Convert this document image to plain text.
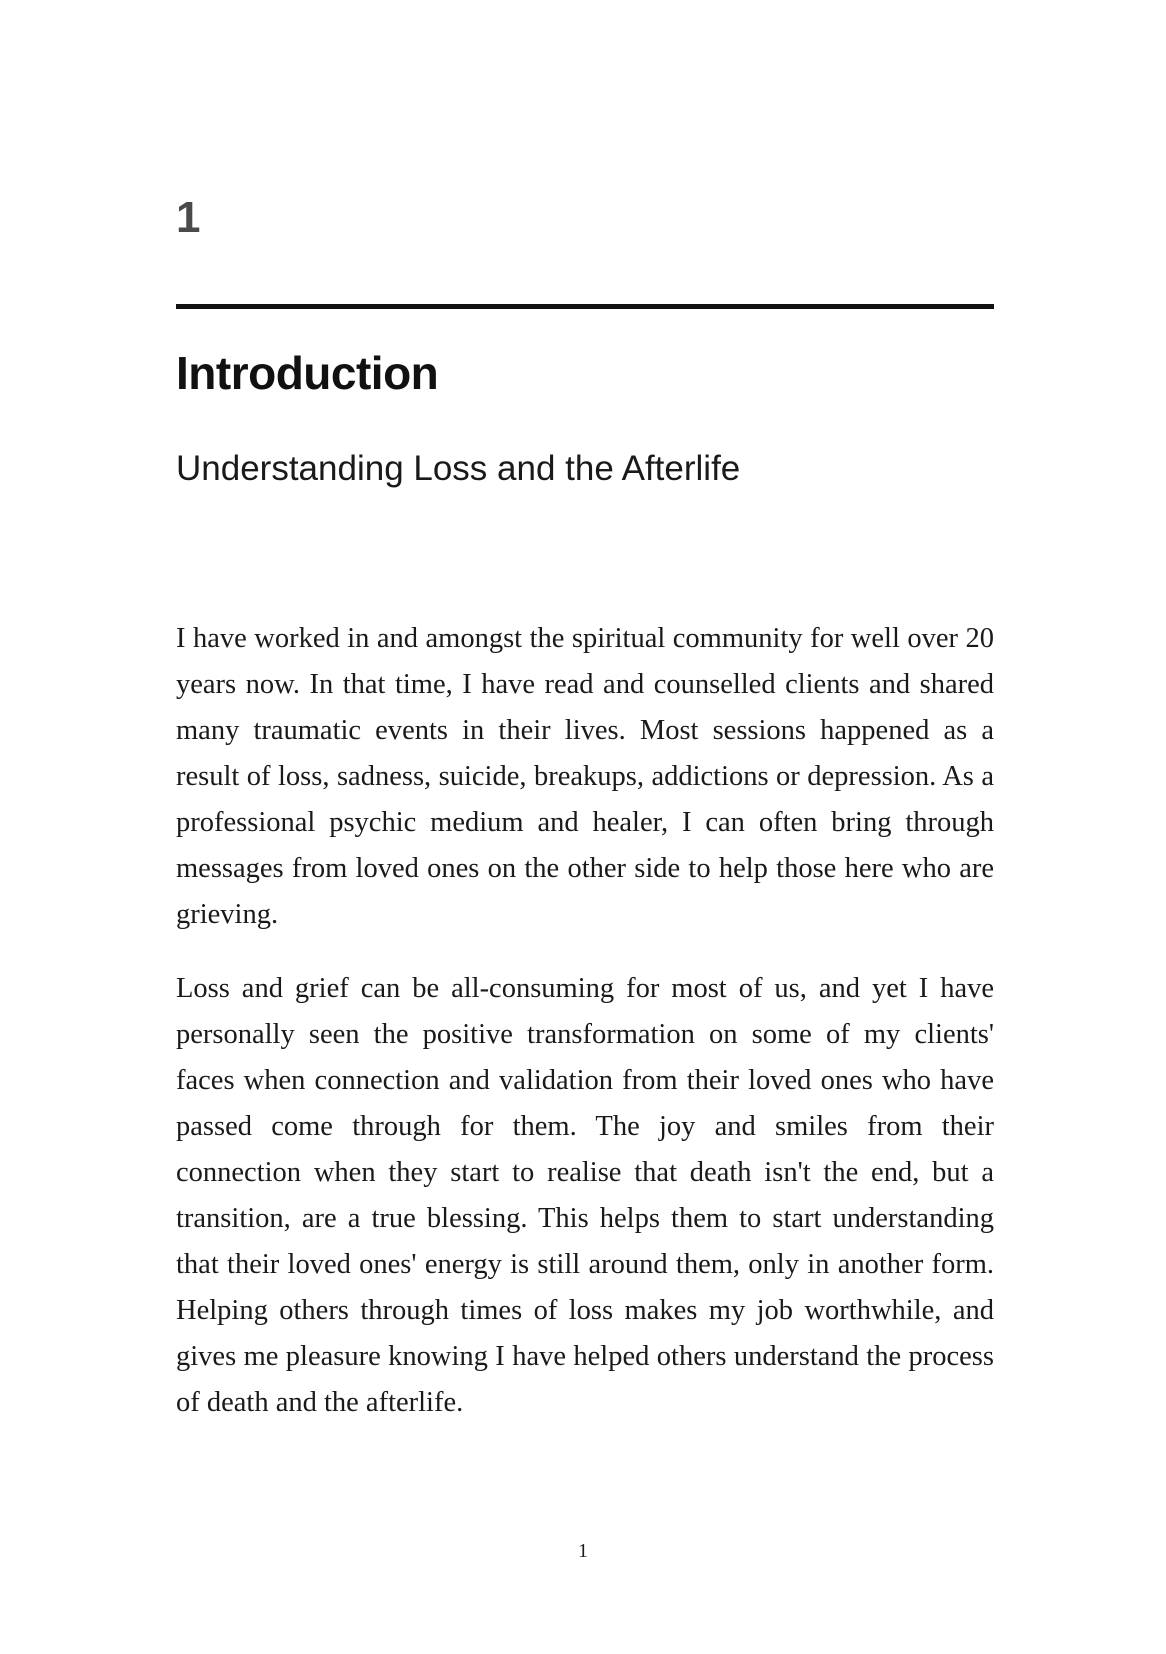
1
Introduction
Understanding Loss and the Afterlife

I have worked in and amongst the spiritual community for well over 20 years now. In that time, I have read and counselled clients and shared many traumatic events in their lives. Most sessions happened as a result of loss, sadness, suicide, breakups, addictions or depression. As a professional psychic medium and healer, I can often bring through messages from loved ones on the other side to help those here who are grieving.

Loss and grief can be all-consuming for most of us, and yet I have personally seen the positive transformation on some of my clients' faces when connection and validation from their loved ones who have passed come through for them. The joy and smiles from their connection when they start to realise that death isn't the end, but a transition, are a true blessing. This helps them to start understanding that their loved ones' energy is still around them, only in another form. Helping others through times of loss makes my job worthwhile, and gives me pleasure knowing I have helped others understand the process of death and the afterlife.

1
